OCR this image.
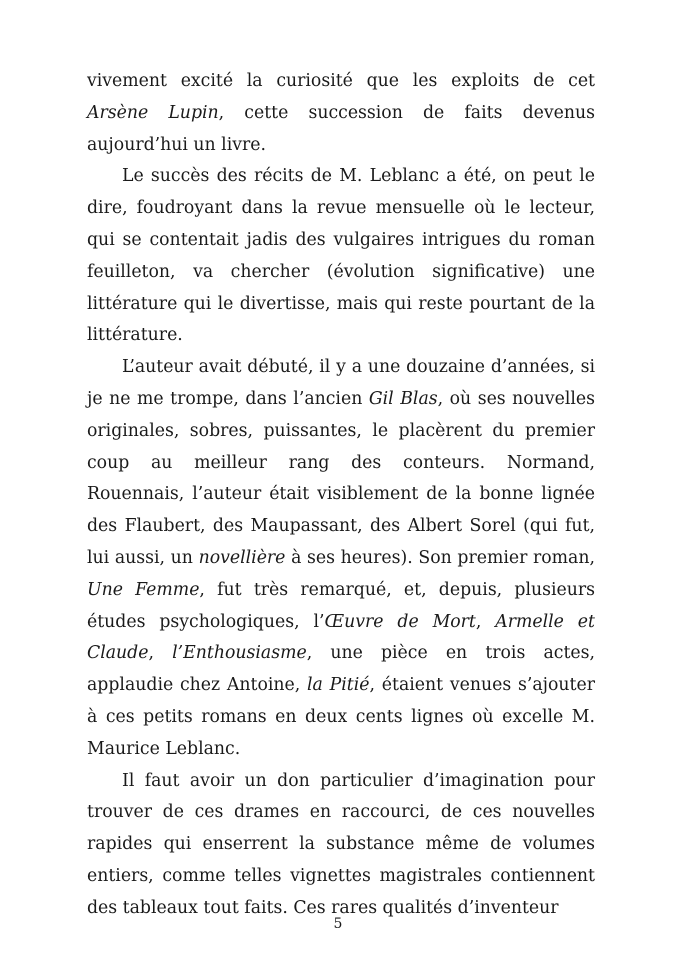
vivement excité la curiosité que les exploits de cet Arsène Lupin, cette succession de faits devenus aujourd’hui un livre.

Le succès des récits de M. Leblanc a été, on peut le dire, foudroyant dans la revue mensuelle où le lecteur, qui se contentait jadis des vulgaires intrigues du roman feuilleton, va chercher (évolution significative) une littérature qui le divertisse, mais qui reste pourtant de la littérature.

L’auteur avait débuté, il y a une douzaine d’années, si je ne me trompe, dans l’ancien Gil Blas, où ses nouvelles originales, sobres, puissantes, le placèrent du premier coup au meilleur rang des conteurs. Normand, Rouennais, l’auteur était visiblement de la bonne lignée des Flaubert, des Maupassant, des Albert Sorel (qui fut, lui aussi, un novellière à ses heures). Son premier roman, Une Femme, fut très remarqué, et, depuis, plusieurs études psychologiques, l’Œuvre de Mort, Armelle et Claude, l’Enthousiasme, une pièce en trois actes, applaudie chez Antoine, la Pitié, étaient venues s’ajouter à ces petits romans en deux cents lignes où excelle M. Maurice Leblanc.

Il faut avoir un don particulier d’imagination pour trouver de ces drames en raccourci, de ces nouvelles rapides qui enserrent la substance même de volumes entiers, comme telles vignettes magistrales contiennent des tableaux tout faits. Ces rares qualités d’inventeur

5
